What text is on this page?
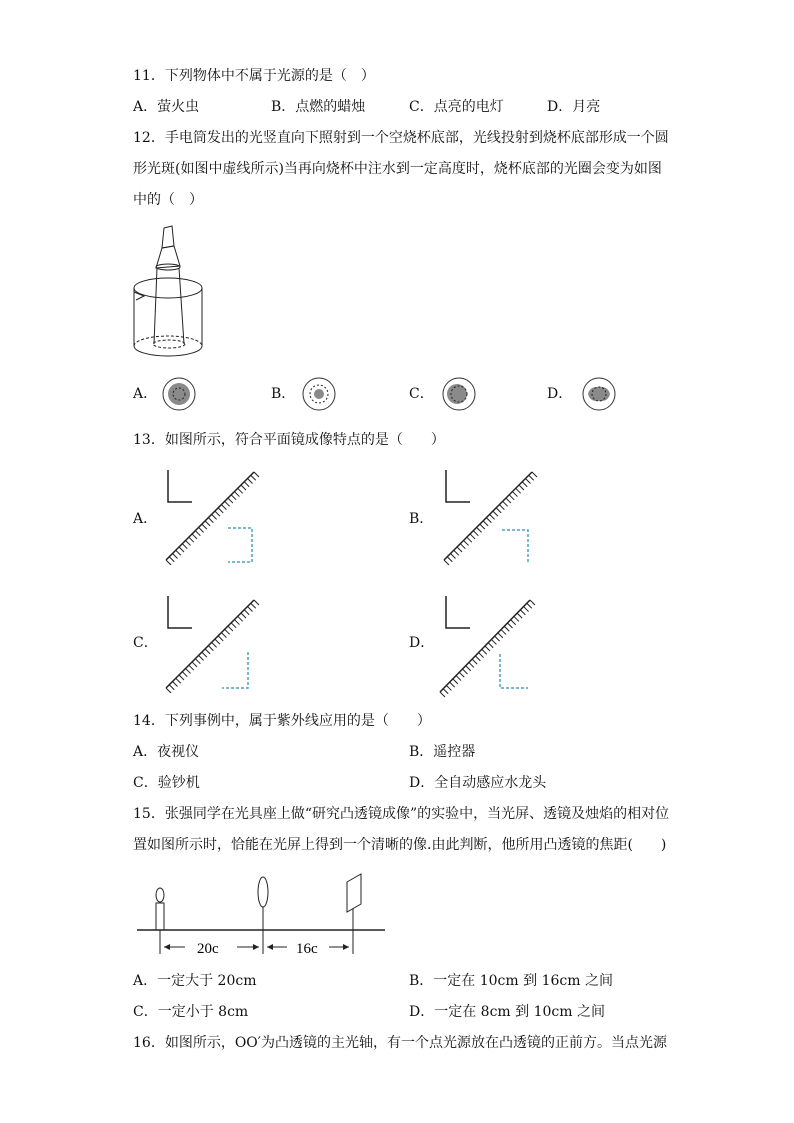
11．下列物体中不属于光源的是（　）
A．萤火虫	B．点燃的蜡烛	C．点亮的电灯	D．月亮
12．手电筒发出的光竖直向下照射到一个空烧杯底部，光线投射到烧杯底部形成一个圆
形光斑(如图中虚线所示)当再向烧杯中注水到一定高度时，烧杯底部的光圈会变为如图
中的（　）
A．	B．	C．	D．
13．如图所示，符合平面镜成像特点的是（　　）
A．	B．
C．	D．
14．下列事例中，属于紫外线应用的是（　　）
A．夜视仪	B．遥控器
C．验钞机	D．全自动感应水龙头
15．张强同学在光具座上做“研究凸透镜成像”的实验中，当光屏、透镜及烛焰的相对位
置如图所示时，恰能在光屏上得到一个清晰的像.由此判断，他所用凸透镜的焦距(　　)
20c	16c
A．一定大于 20cm	B．一定在 10cm 到 16cm 之间
C．一定小于 8cm	D．一定在 8cm 到 10cm 之间
16．如图所示，OO′为凸透镜的主光轴，有一个点光源放在凸透镜的正前方。当点光源
